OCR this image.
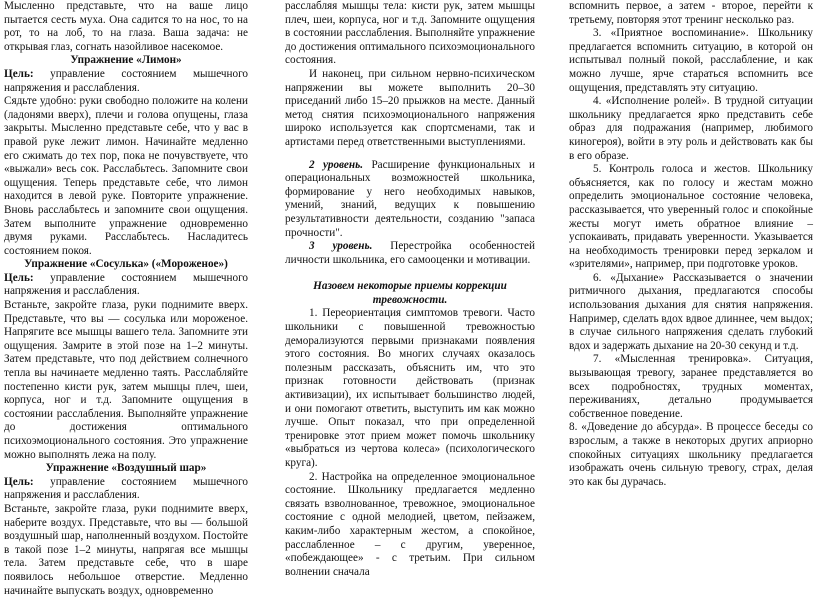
Мысленно представьте, что на ваше лицо пытается сесть муха. Она садится то на нос, то на рот, то на лоб, то на глаза. Ваша задача: не открывая глаз, согнать назойливое насекомое.

Упражнение «Лимон»

Цель: управление состоянием мышечного напряжения и расслабления.

Сядьте удобно: руки свободно положите на колени (ладонями вверх), плечи и голова опущены, глаза закрыты. Мысленно представьте себе, что у вас в правой руке лежит лимон. Начинайте медленно его сжимать до тех пор, пока не почувствуете, что «выжали» весь сок. Расслабьтесь. Запомните свои ощущения. Теперь представьте себе, что лимон находится в левой руке. Повторите упражнение. Вновь расслабьтесь и запомните свои ощущения. Затем выполните упражнение одновременно двумя руками. Расслабьтесь. Насладитесь состоянием покоя.

Упражнение «Сосулька» («Мороженое»)

Цель: управление состоянием мышечного напряжения и расслабления.

Встаньте, закройте глаза, руки поднимите вверх. Представьте, что вы — сосулька или мороженое. Напрягите все мышцы вашего тела. Запомните эти ощущения. Замрите в этой позе на 1–2 минуты. Затем представьте, что под действием солнечного тепла вы начинаете медленно таять. Расслабляйте постепенно кисти рук, затем мышцы плеч, шеи, корпуса, ног и т.д. Запомните ощущения в состоянии расслабления. Выполняйте упражнение до достижения оптимального психоэмоционального состояния. Это упражнение можно выполнять лежа на полу.

Упражнение «Воздушный шар»

Цель: управление состоянием мышечного напряжения и расслабления.

Встаньте, закройте глаза, руки поднимите вверх, наберите воздух. Представьте, что вы — большой воздушный шар, наполненный воздухом. Постойте в такой позе 1–2 минуты, напрягая все мышцы тела. Затем представьте себе, что в шаре появилось небольшое отверстие. Медленно начинайте выпускать воздух, одновременно

расслабляя мышцы тела: кисти рук, затем мышцы плеч, шеи, корпуса, ног и т.д. Запомните ощущения в состоянии расслабления. Выполняйте упражнение до достижения оптимального психоэмоционального состояния.

И наконец, при сильном нервно-психическом напряжении вы можете выполнить 20–30 приседаний либо 15–20 прыжков на месте. Данный метод снятия психоэмоционального напряжения широко используется как спортсменами, так и артистами перед ответственными выступлениями.

2 уровень. Расширение функциональных и операциональных возможностей школьника, формирование у него необходимых навыков, умений, знаний, ведущих к повышению результативности деятельности, созданию "запаса прочности".

3 уровень. Перестройка особенностей личности школьника, его самооценки и мотивации.

Назовем некоторые приемы коррекции тревожности.

1. Переориентация симптомов тревоги. Часто школьники с повышенной тревожностью деморализуются первыми признаками появления этого состояния. Во многих случаях оказалось полезным рассказать, объяснить им, что это признак готовности действовать (признак активизации), их испытывает большинство людей, и они помогают ответить, выступить им как можно лучше. Опыт показал, что при определенной тренировке этот прием может помочь школьнику «выбраться из чертова колеса» (психологического круга).

2. Настройка на определенное эмоциональное состояние. Школьнику предлагается медленно связать взволнованное, тревожное, эмоциональное состояние с одной мелодией, цветом, пейзажем, каким-либо характерным жестом, а спокойное, расслабленное – с другим, уверенное, «побеждающее» - с третьим. При сильном волнении сначала

вспомнить первое, а затем - второе, перейти к третьему, повторяя этот тренинг несколько раз.

3. «Приятное воспоминание». Школьнику предлагается вспомнить ситуацию, в которой он испытывал полный покой, расслабление, и как можно лучше, ярче стараться вспомнить все ощущения, представлять эту ситуацию.

4. «Исполнение ролей». В трудной ситуации школьнику предлагается ярко представить себе образ для подражания (например, любимого киногероя), войти в эту роль и действовать как бы в его образе.

5. Контроль голоса и жестов. Школьнику объясняется, как по голосу и жестам можно определить эмоциональное состояние человека, рассказывается, что уверенный голос и спокойные жесты могут иметь обратное влияние – успокаивать, придавать уверенности. Указывается на необходимость тренировки перед зеркалом и «зрителями», например, при подготовке уроков.

6. «Дыхание» Рассказывается о значении ритмичного дыхания, предлагаются способы использования дыхания для снятия напряжения. Например, сделать вдох вдвое длиннее, чем выдох; в случае сильного напряжения сделать глубокий вдох и задержать дыхание на 20-30 секунд и т.д.

7. «Мысленная тренировка». Ситуация, вызывающая тревогу, заранее представляется во всех подробностях, трудных моментах, переживаниях, детально продумывается собственное поведение.

8. «Доведение до абсурда». В процессе беседы со взрослым, а также в некоторых других априорно спокойных ситуациях школьнику предлагается изображать очень сильную тревогу, страх, делая это как бы дурачась.
